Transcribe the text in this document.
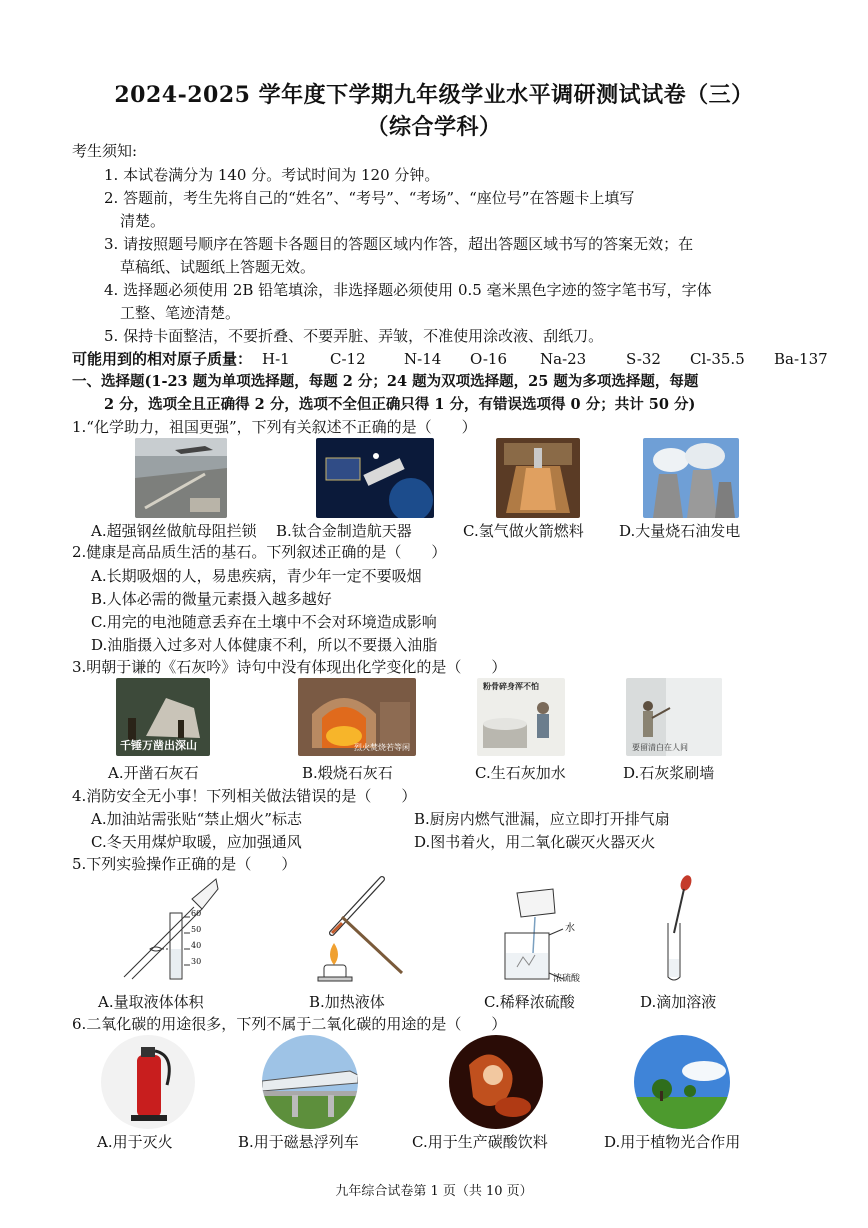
2024-2025 学年度下学期九年级学业水平调研测试试卷（三）
（综合学科）
考生须知:
1. 本试卷满分为 140 分。考试时间为 120 分钟。
2. 答题前，考生先将自己的“姓名”、“考号”、“考场”、“座位号”在答题卡上填写
清楚。
3. 请按照题号顺序在答题卡各题目的答题区域内作答，超出答题区域书写的答案无效；在
草稿纸、试题纸上答题无效。
4. 选择题必须使用 2B 铅笔填涂，非选择题必须使用 0.5 毫米黑色字迹的签字笔书写，字体
工整、笔迹清楚。
5. 保持卡面整洁，不要折叠、不要弄脏、弄皱，不准使用涂改液、刮纸刀。
可能用到的相对原子质量： H-1	C-12	N-14 O-16 Na-23	S-32 Cl-35.5 Ba-137
一、选择题(1-23 题为单项选择题，每题 2 分；24 题为双项选择题，25 题为多项选择题，每题
2 分，选项全且正确得 2 分，选项不全但正确只得 1 分，有错误选项得 0 分；共计 50 分)
1.“化学助力，祖国更强”，下列有关叙述不正确的是（　　）
A.超强钢丝做航母阻拦锁 B.钛合金制造航天器	C.氢气做火箭燃料 D.大量烧石油发电
2.健康是高品质生活的基石。下列叙述正确的是（　　）
A.长期吸烟的人，易患疾病，青少年一定不要吸烟
B.人体必需的微量元素摄入越多越好
C.用完的电池随意丢弃在土壤中不会对环境造成影响
D.油脂摄入过多对人体健康不利，所以不要摄入油脂
3.明朝于谦的《石灰吟》诗句中没有体现出化学变化的是（　　）
千锤万凿出深山	烈火焚烧若等闲
粉骨碎身浑不怕
要留清白在人间
A.开凿石灰石	B.煅烧石灰石	C.生石灰加水	D.石灰浆刷墙
4.消防安全无小事！下列相关做法错误的是（　　）
A.加油站需张贴“禁止烟火”标志	B.厨房内燃气泄漏，应立即打开排气扇
C.冬天用煤炉取暖，应加强通风	D.图书着火，用二氧化碳灭火器灭火
5.下列实验操作正确的是（　　）
60
50
40
30
水
浓硫酸
A.量取液体体积	B.加热液体	C.稀释浓硫酸	D.滴加溶液
6.二氧化碳的用途很多，下列不属于二氧化碳的用途的是（　　）
A.用于灭火	B.用于磁悬浮列车	C.用于生产碳酸饮料	D.用于植物光合作用
九年综合试卷第 1 页（共 10 页）
